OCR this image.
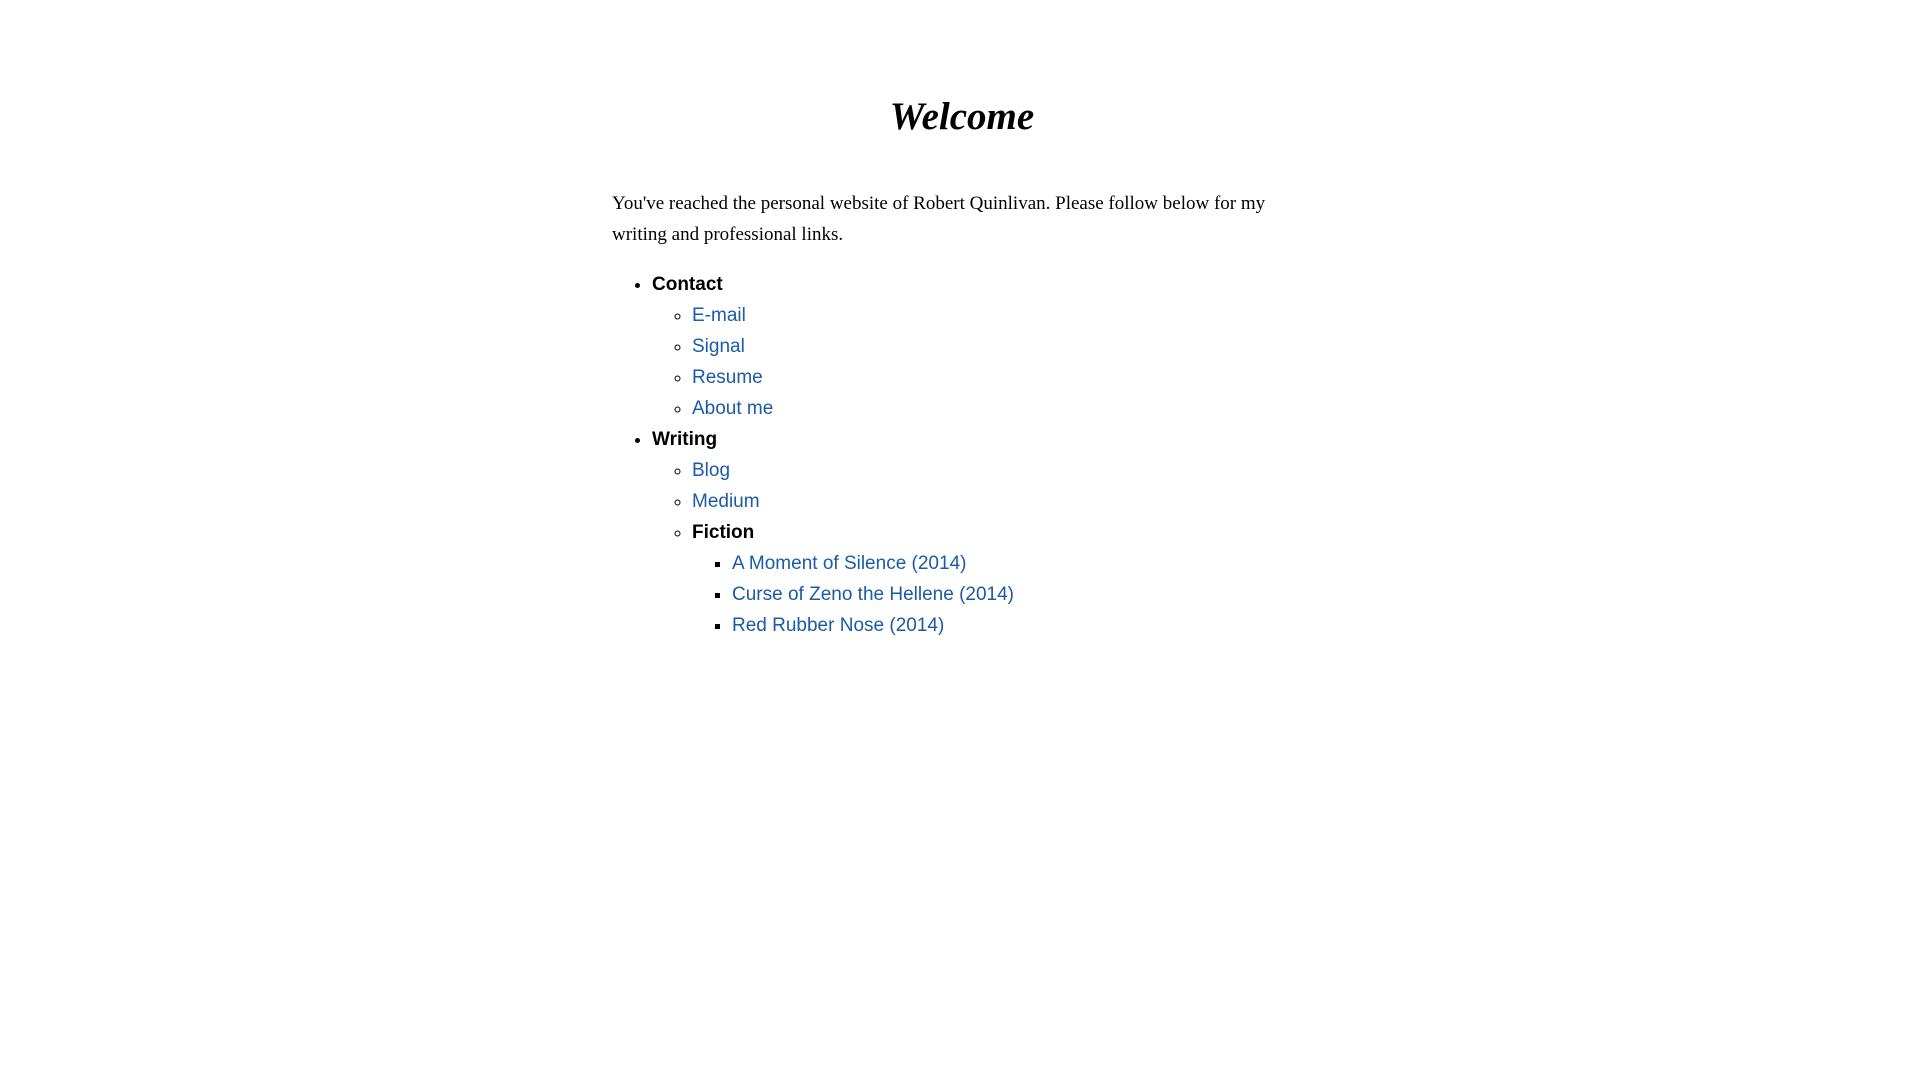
Welcome

You've reached the personal website of Robert Quinlivan. Please follow below for my writing and professional links.

• Contact
◦ E-mail
◦ Signal
◦ Resume
◦ About me
• Writing
◦ Blog
◦ Medium
◦ Fiction
▪ A Moment of Silence (2014)
▪ Curse of Zeno the Hellene (2014)
▪ Red Rubber Nose (2014)
